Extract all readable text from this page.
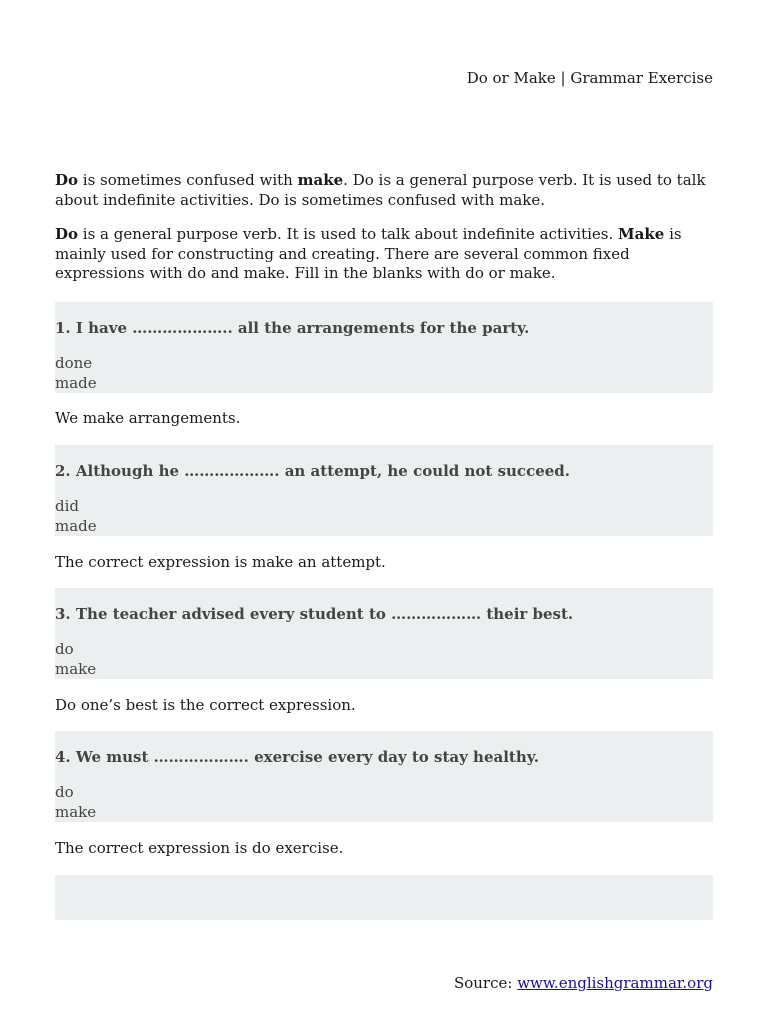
Do or Make | Grammar Exercise

Do is sometimes confused with make. Do is a general purpose verb. It is used to talk about indefinite activities. Do is sometimes confused with make.

Do is a general purpose verb. It is used to talk about indefinite activities. Make is mainly used for constructing and creating. There are several common fixed expressions with do and make. Fill in the blanks with do or make.

1. I have ……………….. all the arrangements for the party.
done
made
We make arrangements.
2. Although he ………………. an attempt, he could not succeed.
did
made
The correct expression is make an attempt.
3. The teacher advised every student to ……………… their best.
do
make
Do one’s best is the correct expression.
4. We must ………………. exercise every day to stay healthy.
do
make
The correct expression is do exercise.
Source: www.englishgrammar.org
